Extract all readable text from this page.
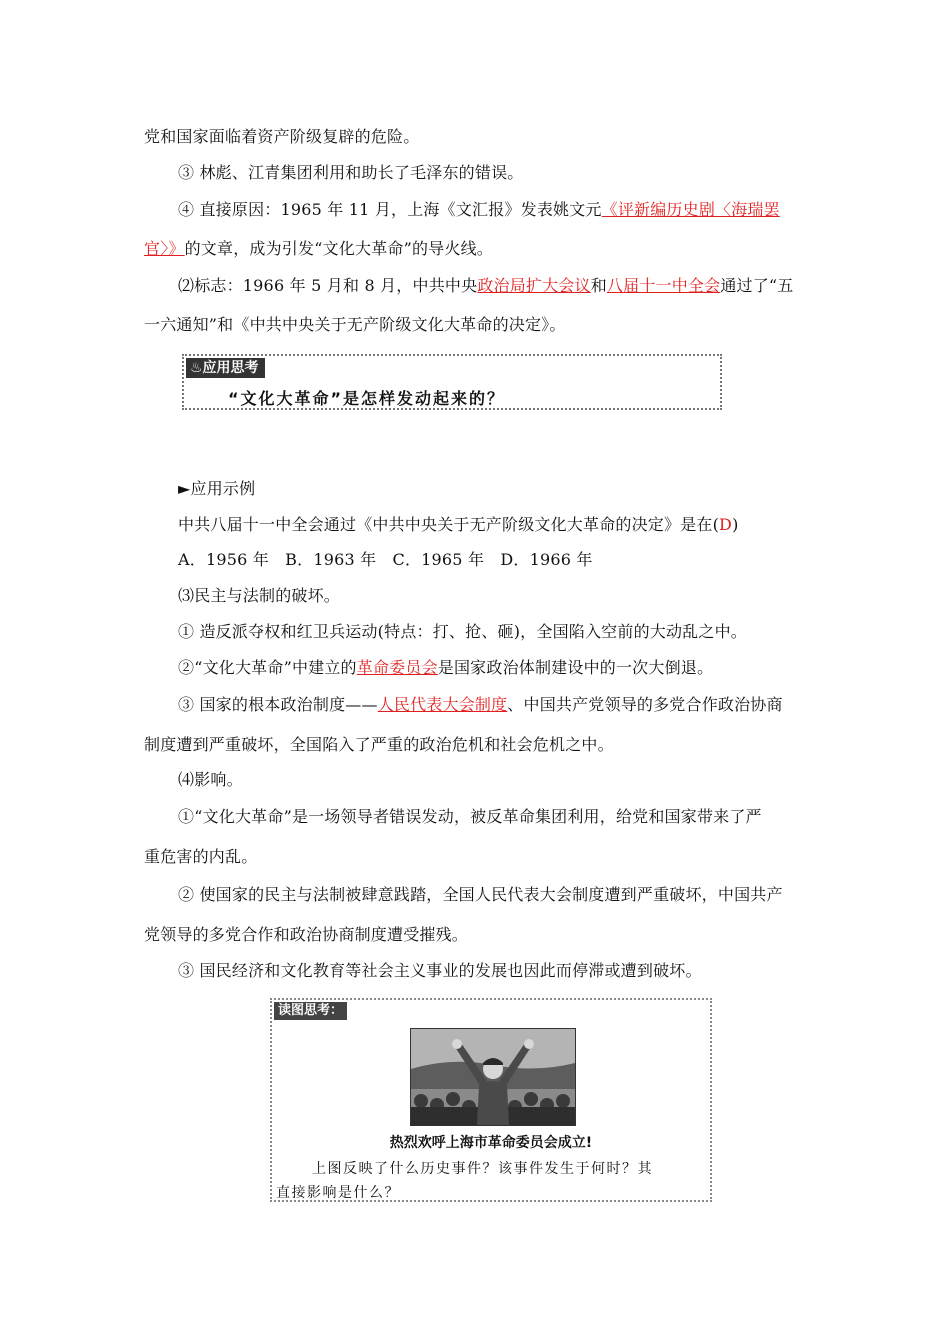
党和国家面临着资产阶级复辟的危险。
③ 林彪、江青集团利用和助长了毛泽东的错误。
④ 直接原因：1965 年 11 月，上海《文汇报》发表姚文元《评新编历史剧〈海瑞罢
官〉》的文章，成为引发“文化大革命”的导火线。
⑵标志：1966 年 5 月和 8 月，中共中央政治局扩大会议和八届十一中全会通过了“五
一六通知”和《中共中央关于无产阶级文化大革命的决定》。
♨应用思考
“文化大革命”是怎样发动起来的？
►应用示例
中共八届十一中全会通过《中共中央关于无产阶级文化大革命的决定》是在(D)
A．1956 年　B．1963 年　C．1965 年　D．1966 年
⑶民主与法制的破坏。
① 造反派夺权和红卫兵运动(特点：打、抢、砸)，全国陷入空前的大动乱之中。
②“文化大革命”中建立的革命委员会是国家政治体制建设中的一次大倒退。
③ 国家的根本政治制度——人民代表大会制度、中国共产党领导的多党合作政治协商
制度遭到严重破坏，全国陷入了严重的政治危机和社会危机之中。
⑷影响。
①“文化大革命”是一场领导者错误发动，被反革命集团利用，给党和国家带来了严
重危害的内乱。
② 使国家的民主与法制被肆意践踏，全国人民代表大会制度遭到严重破坏，中国共产
党领导的多党合作和政治协商制度遭受摧残。
③ 国民经济和文化教育等社会主义事业的发展也因此而停滞或遭到破坏。
读图思考：
热烈欢呼上海市革命委员会成立!
上图反映了什么历史事件？该事件发生于何时？其
直接影响是什么？
